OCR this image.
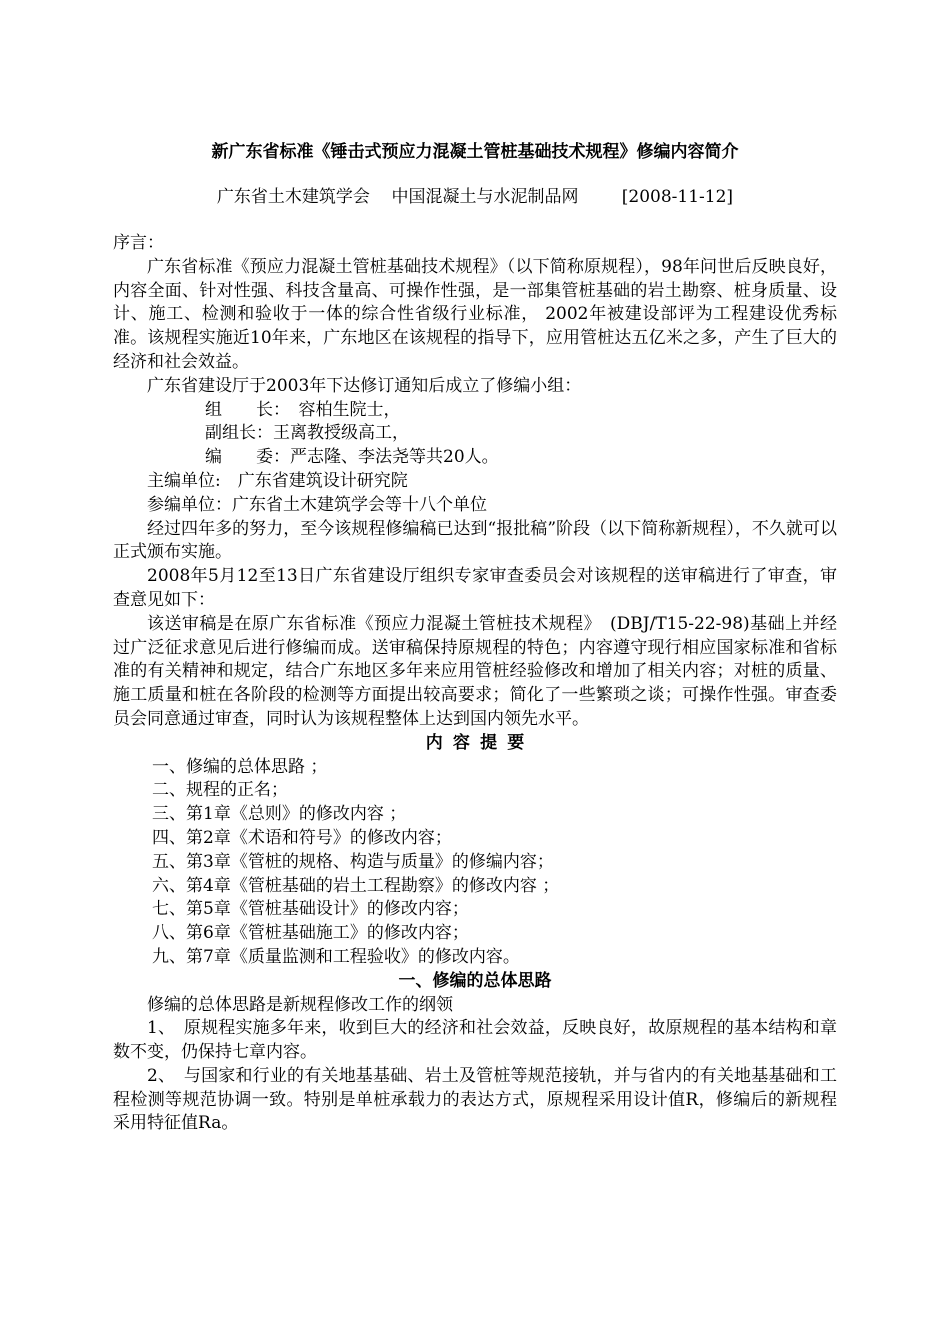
新广东省标准《锤击式预应力混凝土管桩基础技术规程》修编内容简介
广东省土木建筑学会 中国混凝土与水泥制品网	[2008-11-12]

序言：

广东省标准《预应力混凝土管桩基础技术规程》（以下简称原规程），98年问世后反映良好，内容全面、针对性强、科技含量高、可操作性强，是一部集管桩基础的岩土勘察、桩身质量、设计、施工、检测和验收于一体的综合性省级行业标准， 2002年被建设部评为工程建设优秀标准。该规程实施近10年来，广东地区在该规程的指导下，应用管桩达五亿米之多，产生了巨大的经济和社会效益。

广东省建设厅于2003年下达修订通知后成立了修编小组：

组　　长：　容柏生院士，

副组长：王离教授级高工，

编　　委：严志隆、李法尧等共20人。

主编单位:　广东省建筑设计研究院

参编单位：广东省土木建筑学会等十八个单位

经过四年多的努力，至今该规程修编稿已达到“报批稿”阶段（以下简称新规程），不久就可以正式颁布实施。

2008年5月12至13日广东省建设厅组织专家审查委员会对该规程的送审稿进行了审查，审查意见如下：

该送审稿是在原广东省标准《预应力混凝土管桩技术规程》　(DBJ/T15-22-98)基础上并经过广泛征求意见后进行修编而成。送审稿保持原规程的特色；内容遵守现行相应国家标准和省标准的有关精神和规定，结合广东地区多年来应用管桩经验修改和增加了相关内容；对桩的质量、施工质量和桩在各阶段的检测等方面提出较高要求；简化了一些繁琐之谈；可操作性强。审查委员会同意通过审查，同时认为该规程整体上达到国内领先水平。

内容提要

一、修编的总体思路 ；

二、规程的正名；

三、第1章《总则》的修改内容 ；

四、第2章《术语和符号》的修改内容；

五、第3章《管桩的规格、构造与质量》的修编内容；

六、第4章《管桩基础的岩土工程勘察》的修改内容 ；

七、第5章《管桩基础设计》的修改内容；

八、第6章《管桩基础施工》的修改内容；

九、第7章《质量监测和工程验收》的修改内容。

一、修编的总体思路

修编的总体思路是新规程修改工作的纲领

1、　原规程实施多年来，收到巨大的经济和社会效益，反映良好，故原规程的基本结构和章数不变，仍保持七章内容。

2、　与国家和行业的有关地基基础、岩土及管桩等规范接轨，并与省内的有关地基基础和工程检测等规范协调一致。特别是单桩承载力的表达方式，原规程采用设计值R，修编后的新规程采用特征值Ra。
